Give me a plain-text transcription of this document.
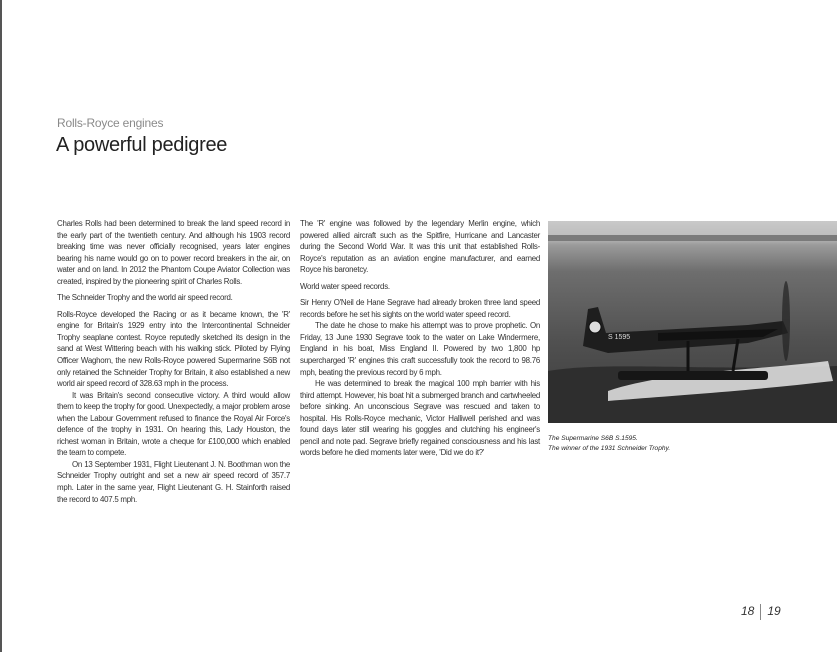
Rolls-Royce engines
A powerful pedigree

Charles Rolls had been determined to break the land speed record in the early part of the twentieth century. And although his 1903 record breaking time was never officially recognised, years later engines bearing his name would go on to power record breakers in the air, on water and on land. In 2012 the Phantom Coupe Aviator Collection was created, inspired by the pioneering spirit of Charles Rolls.

The Schneider Trophy and the world air speed record.

Rolls-Royce developed the Racing or as it became known, the 'R' engine for Britain's 1929 entry into the Intercontinental Schneider Trophy seaplane contest. Royce reputedly sketched its design in the sand at West Wittering beach with his walking stick. Piloted by Flying Officer Waghorn, the new Rolls-Royce powered Supermarine S6B not only retained the Schneider Trophy for Britain, it also established a new world air speed record of 328.63 mph in the process.

It was Britain's second consecutive victory. A third would allow them to keep the trophy for good. Unexpectedly, a major problem arose when the Labour Government refused to finance the Royal Air Force's defence of the trophy in 1931. On hearing this, Lady Houston, the richest woman in Britain, wrote a cheque for £100,000 which enabled the team to compete.

On 13 September 1931, Flight Lieutenant J. N. Boothman won the Schneider Trophy outright and set a new air speed record of 357.7 mph. Later in the same year, Flight Lieutenant G. H. Stainforth raised the record to 407.5 mph.

The 'R' engine was followed by the legendary Merlin engine, which powered allied aircraft such as the Spitfire, Hurricane and Lancaster during the Second World War. It was this unit that established Rolls-Royce's reputation as an aviation engine manufacturer, and earned Royce his baronetcy.

World water speed records.

Sir Henry O'Neil de Hane Segrave had already broken three land speed records before he set his sights on the world water speed record.

The date he chose to make his attempt was to prove prophetic. On Friday, 13 June 1930 Segrave took to the water on Lake Windermere, England in his boat, Miss England II. Powered by two 1,800 hp supercharged 'R' engines this craft successfully took the record to 98.76 mph, beating the previous record by 6 mph.

He was determined to break the magical 100 mph barrier with his third attempt. However, his boat hit a submerged branch and cartwheeled before sinking. An unconscious Segrave was rescued and taken to hospital. His Rolls-Royce mechanic, Victor Halliwell perished and was found days later still wearing his goggles and clutching his engineer's pencil and note pad. Segrave briefly regained consciousness and his last words before he died moments later were, 'Did we do it?'

S 1595
The Supermarine S6B S.1595.
The winner of the 1931 Schneider Trophy.
18 19
